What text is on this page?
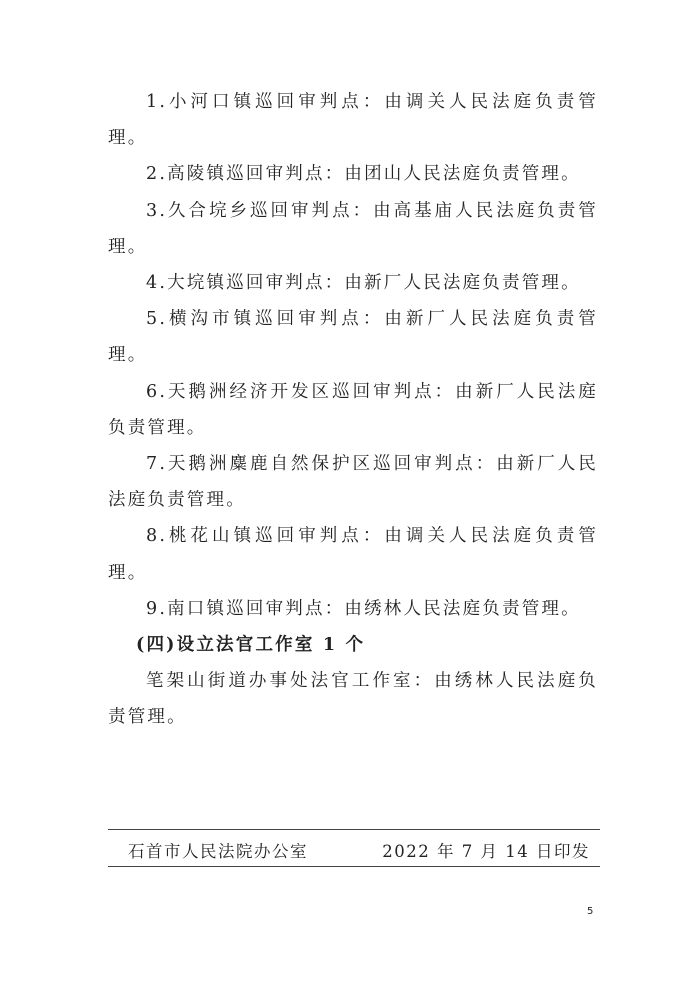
1.小河口镇巡回审判点：由调关人民法庭负责管理。

2.高陵镇巡回审判点：由团山人民法庭负责管理。

3.久合垸乡巡回审判点：由高基庙人民法庭负责管理。

4.大垸镇巡回审判点：由新厂人民法庭负责管理。

5.横沟市镇巡回审判点：由新厂人民法庭负责管理。

6.天鹅洲经济开发区巡回审判点：由新厂人民法庭负责管理。

7.天鹅洲麋鹿自然保护区巡回审判点：由新厂人民法庭负责管理。

8.桃花山镇巡回审判点：由调关人民法庭负责管理。

9.南口镇巡回审判点：由绣林人民法庭负责管理。

(四)设立法官工作室 1 个

笔架山街道办事处法官工作室：由绣林人民法庭负责管理。

石首市人民法院办公室	2022 年 7 月 14 日印发
5
